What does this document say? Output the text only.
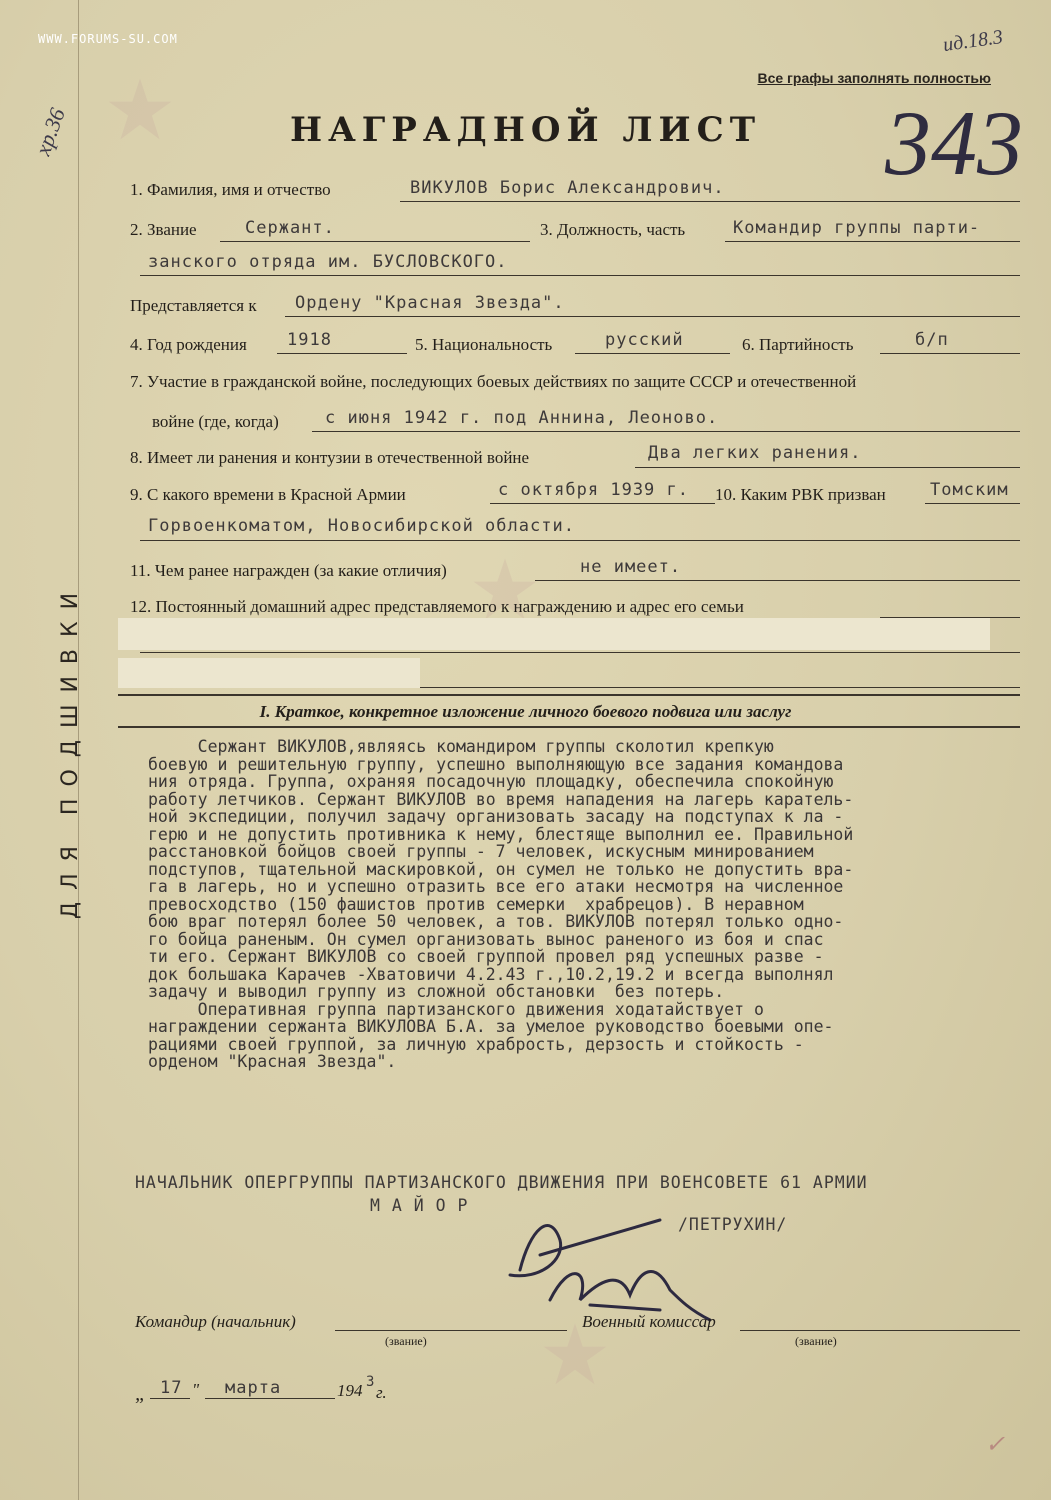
WWW.FORUMS-SU.COM
хр.36
ид.18.3
Все графы заполнять полностью
343
НАГРАДНОЙ ЛИСТ
1. Фамилия, имя и отчество	ВИКУЛОВ Борис Александрович.
2. Звание	Сержант.	3. Должность, часть	Командир группы парти-
занского отряда им. БУСЛОВСКОГО.
Представляется к Ордену "Красная Звезда".
4. Год рождения 1918	5. Национальность	русский	6. Партийность	б/п
7. Участие в гражданской войне, последующих боевых действиях по защите СССР и отечественной
войне (где, когда)	с июня 1942 г. под Аннина, Леоново.
8. Имеет ли ранения и контузии в отечественной войне	Два легких ранения.
9. С какого времени в Красной Армии	с октября 1939 г. 10. Каким РВК призван	Томским
Горвоенкоматом, Новосибирской области.
11. Чем ранее награжден (за какие отличия)	не имеет.
12. Постоянный домашний адрес представляемого к награждению и адрес его семьи
ДЛЯ ПОДШИВКИ	I. Краткое, конкретное изложение личного боевого подвига или заслуг
Сержант ВИКУЛОВ,являясь командиром группы сколотил крепкую
боевую и решительную группу, успешно выполняющую все задания командова
ния отряда. Группа, охраняя посадочную площадку, обеспечила спокойную
работу летчиков. Сержант ВИКУЛОВ во время нападения на лагерь каратель-
ной экспедиции, получил задачу организовать засаду на подступах к ла -
герю и не допустить противника к нему, блестяще выполнил ее. Правильной
расстановкой бойцов своей группы - 7 человек, искусным минированием
подступов, тщательной маскировкой, он сумел не только не допустить вра-
га в лагерь, но и успешно отразить все его атаки несмотря на численное
превосходство (150 фашистов против семерки  храбрецов). В неравном
бою враг потерял более 50 человек, а тов. ВИКУЛОВ потерял только одно-
го бойца раненым. Он сумел организовать вынос раненого из боя и спас
ти его. Сержант ВИКУЛОВ со своей группой провел ряд успешных разве -
док большака Карачев -Хватовичи 4.2.43 г.,10.2,19.2 и всегда выполнял
задачу и выводил группу из сложной обстановки  без потерь.
Оперативная группа партизанского движения ходатайствует о
награждении сержанта ВИКУЛОВА Б.А. за умелое руководство боевыми опе-
рациями своей группой, за личную храбрость, дерзость и стойкость -
орденом "Красная Звезда".
НАЧАЛЬНИК ОПЕРГРУППЫ ПАРТИЗАНСКОГО ДВИЖЕНИЯ ПРИ ВОЕНСОВЕТЕ 61 АРМИИ
М А Й О Р
/ПЕТРУХИН/
Командир (начальник)
(звание)
Военный комиссар
(звание)
„ 17 " марта	194 3
г.
✓
